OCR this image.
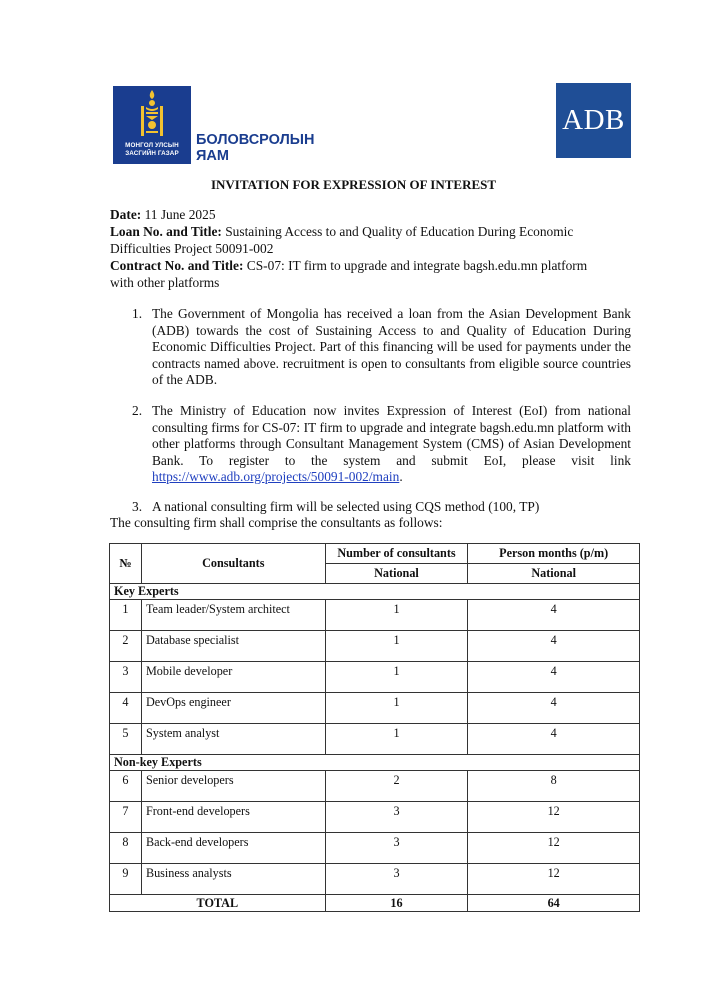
МОНГОЛ УЛСЫН
ЗАСГИЙН ГАЗАР
БОЛОВСРОЛЫН
ЯАМ
ADB
INVITATION FOR EXPRESSION OF INTEREST
Date: 11 June 2025
Loan No. and Title: Sustaining Access to and Quality of Education During Economic
Difficulties Project 50091-002
Contract No. and Title: CS-07: IT firm to upgrade and integrate bagsh.edu.mn platform
with other platforms
1. The Government of Mongolia has received a loan from the Asian Development Bank (ADB) towards the cost of Sustaining Access to and Quality of Education During Economic Difficulties Project. Part of this financing will be used for payments under the contracts named above. recruitment is open to consultants from eligible source countries of the ADB.
2. The Ministry of Education now invites Expression of Interest (EoI) from national consulting firms for CS-07: IT firm to upgrade and integrate bagsh.edu.mn platform with other platforms through Consultant Management System (CMS) of Asian Development Bank. To register to the system and submit EoI, please visit link https://www.adb.org/projects/50091-002/main.
3. A national consulting firm will be selected using CQS method (100, TP)
The consulting firm shall comprise the consultants as follows:
№	Consultants	Number of consultants	Person months (p/m)
		National	National
Key Experts			
1	Team leader/System architect	1	4
2	Database specialist	1	4
3	Mobile developer	1	4
4	DevOps engineer	1	4
5	System analyst	1	4
Non-key Experts			
6	Senior developers	2	8
7	Front-end developers	3	12
8	Back-end developers	3	12
9	Business analysts	3	12
TOTAL		16	64
